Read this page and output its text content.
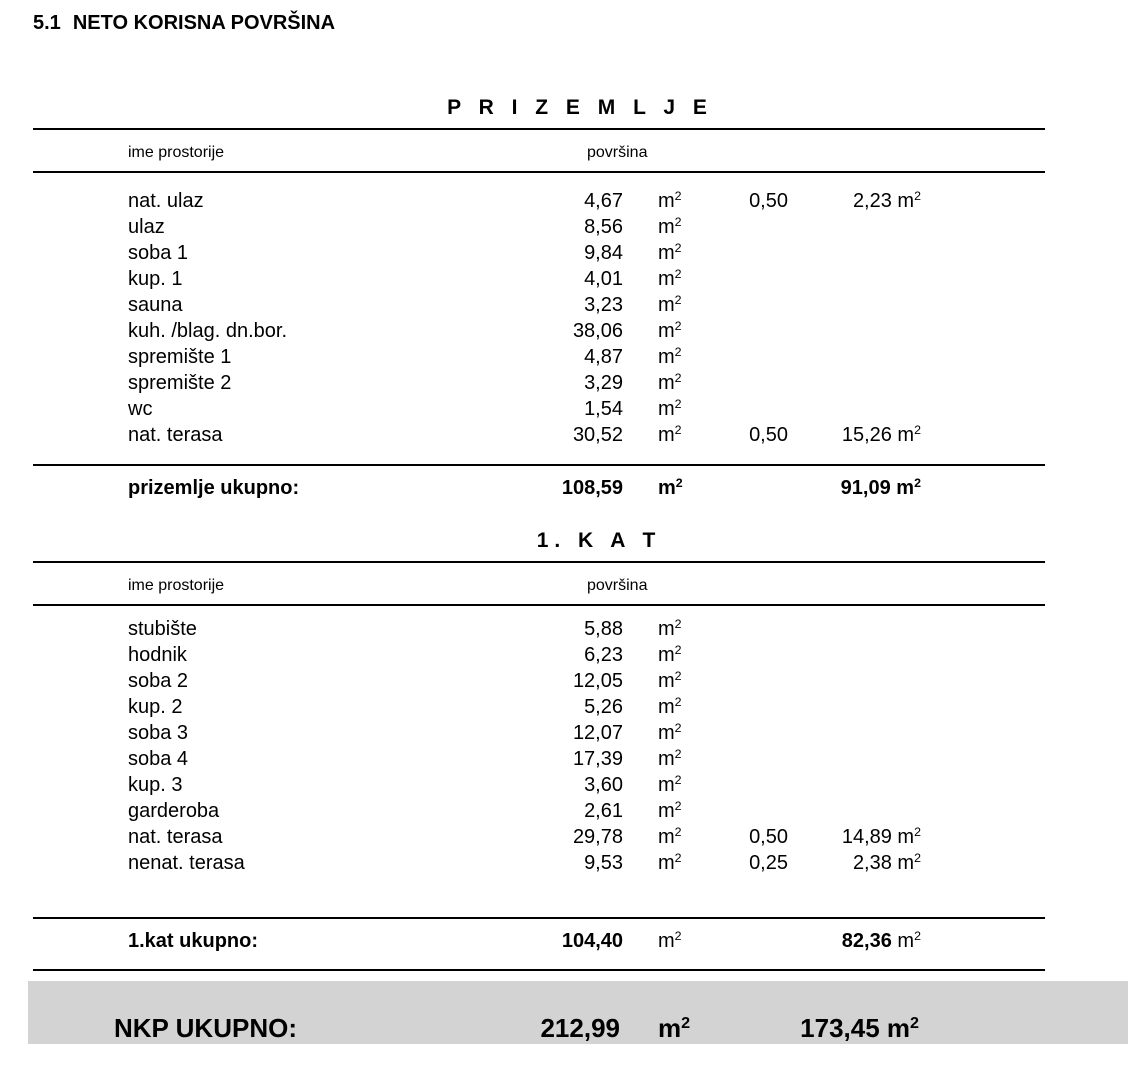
5.1 NETO KORISNA POVRŠINA
P R I Z E M L J E
ime prostorije	površina
nat. ulaz	4,67 $m^2$	0,50	2,23 $m^2$
ulaz	8,56 $m^2$
soba 1	9,84 $m^2$
kup. 1	4,01 $m^2$
sauna	3,23 $m^2$
kuh. /blag. dn.bor.	38,06 $m^2$
spremište 1	4,87 $m^2$
spremište 2	3,29 $m^2$
wc	1,54 $m^2$
nat. terasa	30,52 $m^2$	0,50	15,26 $m^2$
prizemlje ukupno:	108,59 $m^2$	91,09 $m^2$
1. K A T
ime prostorije	površina
stubište	5,88 $m^2$
hodnik	6,23 $m^2$
soba 2	12,05 $m^2$
kup. 2	5,26 $m^2$
soba 3	12,07 $m^2$
soba 4	17,39 $m^2$
kup. 3	3,60 $m^2$
garderoba	2,61 $m^2$
nat. terasa	29,78 $m^2$	0,50	14,89 $m^2$
nenat. terasa	9,53 $m^2$	0,25	2,38 $m^2$
1.kat ukupno:	104,40 $m^2$	82,36 $m^2$
NKP UKUPNO:	212,99 $m^2$	173,45 $m^2$
